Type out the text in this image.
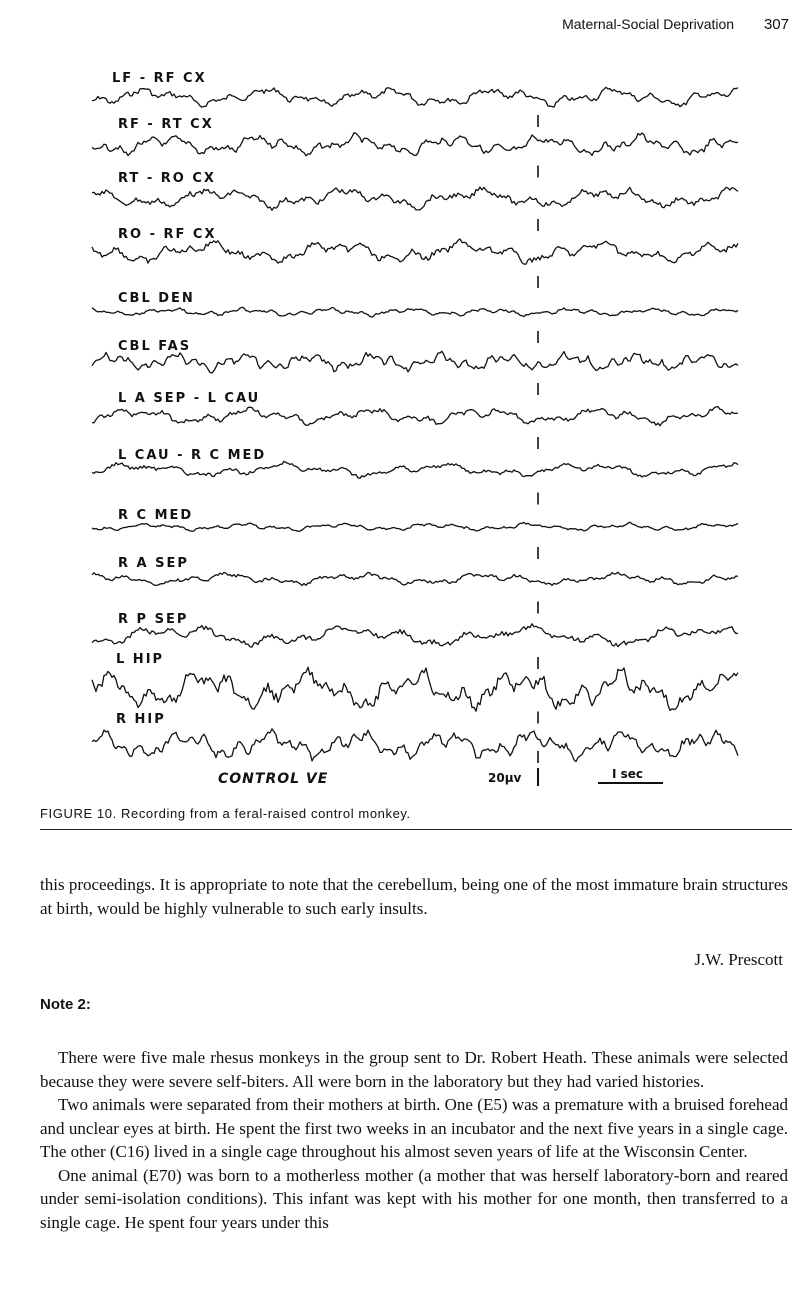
Maternal-Social Deprivation 307
LF - RF CX
RF - RT CX
RT - RO CX
RO - RF CX
CBL DEN
CBL FAS
L A SEP - L CAU
L CAU - R C MED
R C MED
R A SEP
R P SEP
L HIP
R HIP
CONTROL VE	20μv	I sec
FIGURE 10. Recording from a feral-raised control monkey.

this proceedings. It is appropriate to note that the cerebellum, being one of the most immature brain structures at birth, would be highly vulnerable to such early insults.

J.W. Prescott
Note 2:

There were five male rhesus monkeys in the group sent to Dr. Robert Heath. These animals were selected because they were severe self-biters. All were born in the laboratory but they had varied histories.

Two animals were separated from their mothers at birth. One (E5) was a premature with a bruised forehead and unclear eyes at birth. He spent the first two weeks in an incubator and the next five years in a single cage. The other (C16) lived in a single cage throughout his almost seven years of life at the Wisconsin Center.

One animal (E70) was born to a motherless mother (a mother that was herself laboratory-born and reared under semi-isolation conditions). This infant was kept with his mother for one month, then transferred to a single cage. He spent four years under this
